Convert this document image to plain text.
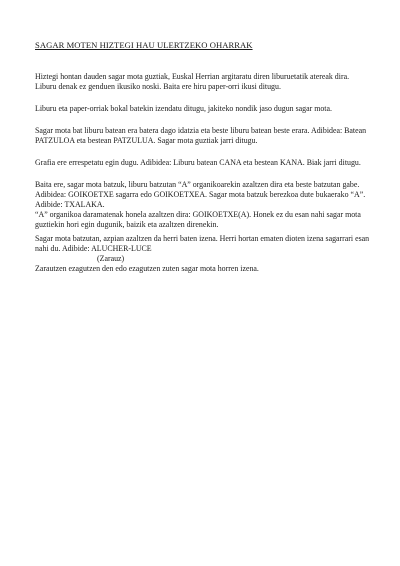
SAGAR MOTEN HIZTEGI HAU ULERTZEKO OHARRAK

Hiztegi hontan dauden sagar mota guztiak, Euskal Herrian argitaratu diren liburuetatik atereak dira.
Liburu denak ez genduen ikusiko noski. Baita ere hiru paper-orri ikusi ditugu.

Liburu eta paper-orriak bokal batekin izendatu ditugu, jakiteko nondik jaso dugun sagar mota.

Sagar mota bat liburu batean era batera dago idatzia eta beste liburu batean beste erara. Adibidea: Batean
PATZULOA eta bestean PATZULUA. Sagar mota guztiak jarri ditugu.

Grafia ere errespetatu egin dugu. Adibidea: Liburu batean CANA eta bestean KANA. Biak jarri ditugu.

Baita ere, sagar mota batzuk, liburu batzutan “A” organikoarekin azaltzen dira eta beste batzutan gabe.
Adibidea: GOIKOETXE sagarra edo GOIKOETXEA. Sagar mota batzuk berezkoa dute bukaerako “A”.
Adibide: TXALAKA.
“A” organikoa daramatenak honela azaltzen dira: GOIKOETXE(A). Honek ez du esan nahi sagar mota
guztiekin hori egin dugunik, baizik eta azaltzen direnekin.

Sagar mota batzutan, azpian azaltzen da herri baten izena. Herri hortan ematen dioten izena sagarrari esan
nahi du. Adibide: ALUCHER-LUCE
(Zarauz)
Zarautzen ezagutzen den edo ezagutzen zuten sagar mota horren izena.
